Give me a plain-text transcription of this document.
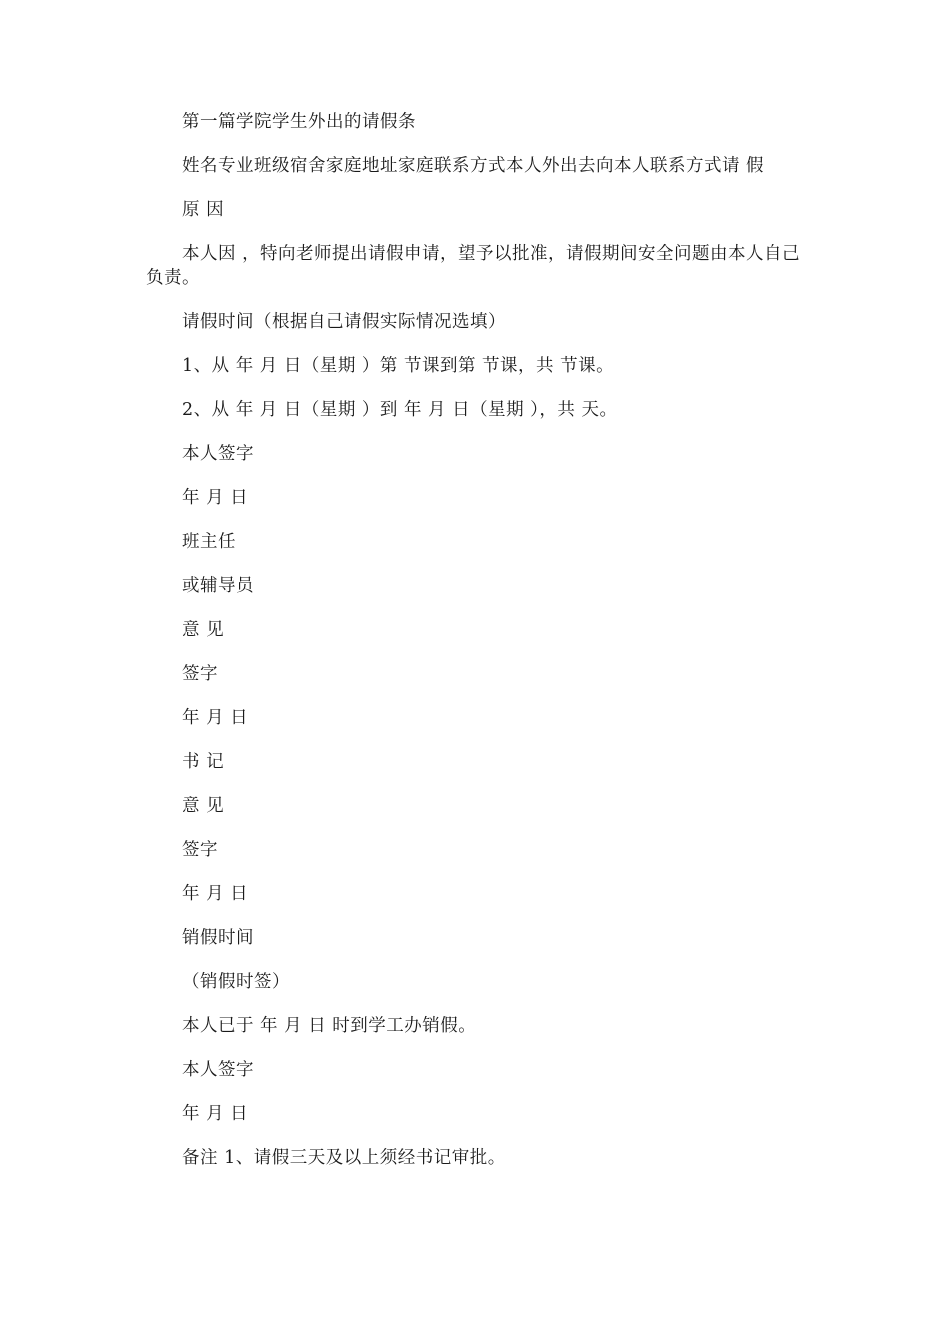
第一篇学院学生外出的请假条

姓名专业班级宿舍家庭地址家庭联系方式本人外出去向本人联系方式请 假

原 因

本人因 ，特向老师提出请假申请，望予以批准，请假期间安全问题由本人自己负责。

请假时间（根据自己请假实际情况选填）

1、从 年 月 日（星期 ）第 节课到第 节课，共 节课。

2、从 年 月 日（星期 ）到 年 月 日（星期 ），共 天。

本人签字

年 月 日

班主任

或辅导员

意 见

签字

年 月 日

书 记

意 见

签字

年 月 日

销假时间

（销假时签）

本人已于 年 月 日 时到学工办销假。

本人签字

年 月 日

备注 1、请假三天及以上须经书记审批。
